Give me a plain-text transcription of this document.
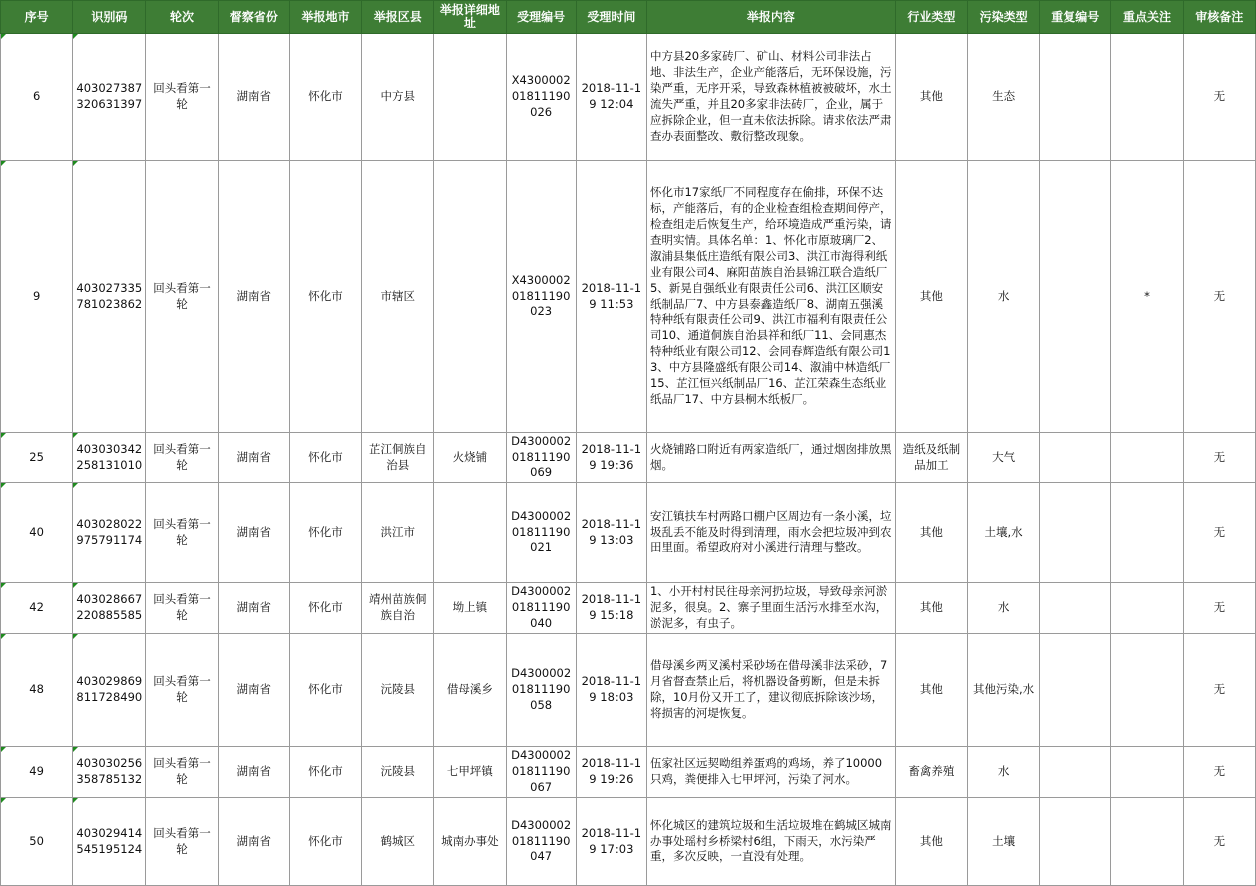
序号	识别码	轮次	督察省份	举报地市	举报区县	举报详细地址	受理编号	受理时间	举报内容	行业类型	污染类型	重复编号	重点关注	审核备注
6	403027387320631397	回头看第一轮	湖南省	怀化市	中方县		X430000201811190026	2018-11-19 12:04	中方县20多家砖厂、矿山、材料公司非法占地、非法生产，企业产能落后，无环保设施，污染严重，无序开采，导致森林植被被破坏，水土流失严重，并且20多家非法砖厂，企业，属于应拆除企业，但一直未依法拆除。请求依法严肃查办表面整改、敷衍整改现象。	其他	生态			无
9	403027335781023862	回头看第一轮	湖南省	怀化市	市辖区		X430000201811190023	2018-11-19 11:53	怀化市17家纸厂不同程度存在偷排，环保不达标，产能落后，有的企业检查组检查期间停产，检查组走后恢复生产，给环境造成严重污染，请查明实情。具体名单：1、怀化市原玻璃厂2、溆浦县集低庄造纸有限公司3、洪江市海得利纸业有限公司4、麻阳苗族自治县锦江联合造纸厂5、新晃自强纸业有限责任公司6、洪江区顺安纸制品厂7、中方县泰鑫造纸厂8、湖南五强溪特种纸有限责任公司9、洪江市福利有限责任公司10、通道侗族自治县祥和纸厂11、会同惠杰特种纸业有限公司12、会同春辉造纸有限公司13、中方县隆盛纸有限公司14、溆浦中林造纸厂15、芷江恒兴纸制品厂16、芷江荣森生态纸业纸品厂17、中方县桐木纸板厂。	其他	水		*	无
25	403030342258131010	回头看第一轮	湖南省	怀化市	芷江侗族自治县	火烧铺	D430000201811190069	2018-11-19 19:36	火烧铺路口附近有两家造纸厂，通过烟囱排放黑烟。	造纸及纸制品加工	大气			无
40	403028022975791174	回头看第一轮	湖南省	怀化市	洪江市		D430000201811190021	2018-11-19 13:03	安江镇扶车村两路口棚户区周边有一条小溪，垃圾乱丢不能及时得到清理，雨水会把垃圾冲到农田里面。希望政府对小溪进行清理与整改。	其他	土壤,水			无
42	403028667220885585	回头看第一轮	湖南省	怀化市	靖州苗族侗族自治	坳上镇	D430000201811190040	2018-11-19 15:18	1、小开村村民往母亲河扔垃圾，导致母亲河淤泥多，很臭。2、寨子里面生活污水排至水沟，淤泥多，有虫子。	其他	水			无
48	403029869811728490	回头看第一轮	湖南省	怀化市	沅陵县	借母溪乡	D430000201811190058	2018-11-19 18:03	借母溪乡两叉溪村采砂场在借母溪非法采砂，7月省督查禁止后，将机器设备剪断，但是未拆除，10月份又开工了，建议彻底拆除该沙场，将损害的河堤恢复。	其他	其他污染,水			无
49	403030256358785132	回头看第一轮	湖南省	怀化市	沅陵县	七甲坪镇	D430000201811190067	2018-11-19 19:26	伍家社区远契呦组养蛋鸡的鸡场，养了10000只鸡，粪便排入七甲坪河，污染了河水。	畜禽养殖	水			无
50	403029414545195124	回头看第一轮	湖南省	怀化市	鹤城区	城南办事处	D430000201811190047	2018-11-19 17:03	怀化城区的建筑垃圾和生活垃圾堆在鹤城区城南办事处瑶村乡桥梁村6组，下雨天，水污染严重，多次反映，一直没有处理。	其他	土壤			无
